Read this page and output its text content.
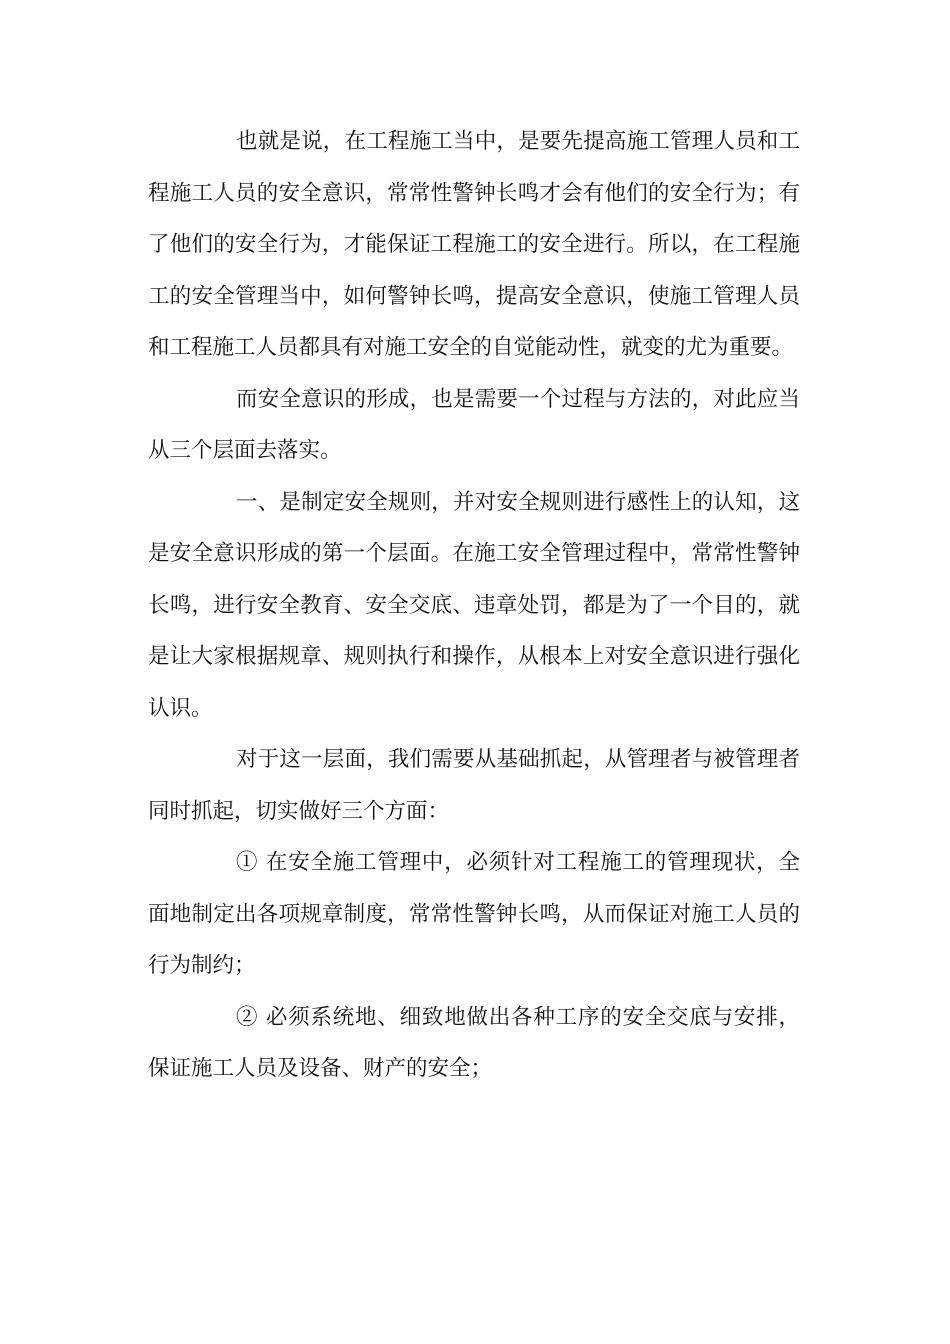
也就是说，在工程施工当中，是要先提高施工管理人员和工程施工人员的安全意识，常常性警钟长鸣才会有他们的安全行为；有了他们的安全行为，才能保证工程施工的安全进行。所以，在工程施工的安全管理当中，如何警钟长鸣，提高安全意识，使施工管理人员和工程施工人员都具有对施工安全的自觉能动性，就变的尤为重要。

而安全意识的形成，也是需要一个过程与方法的，对此应当从三个层面去落实。

一、是制定安全规则，并对安全规则进行感性上的认知，这是安全意识形成的第一个层面。在施工安全管理过程中，常常性警钟长鸣，进行安全教育、安全交底、违章处罚，都是为了一个目的，就是让大家根据规章、规则执行和操作，从根本上对安全意识进行强化认识。

对于这一层面，我们需要从基础抓起，从管理者与被管理者同时抓起，切实做好三个方面：

① 在安全施工管理中，必须针对工程施工的管理现状，全面地制定出各项规章制度，常常性警钟长鸣，从而保证对施工人员的行为制约；

② 必须系统地、细致地做出各种工序的安全交底与安排，保证施工人员及设备、财产的安全；
